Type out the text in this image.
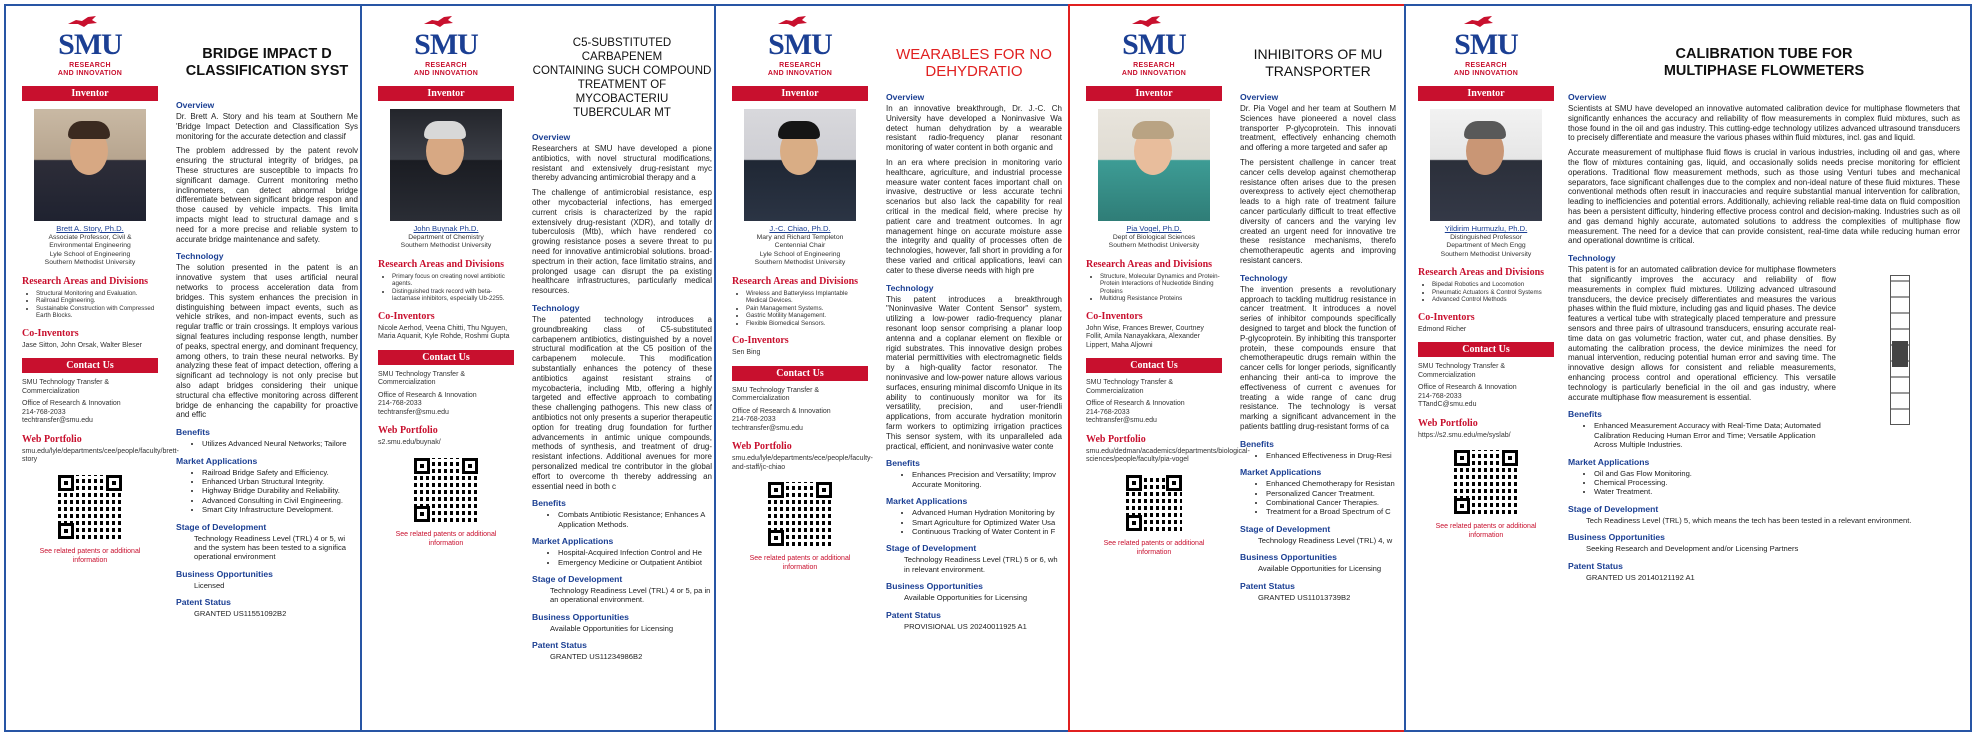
SMU
RESEARCH
AND INNOVATION
Inventor
Brett A. Story, Ph.D.
Associate Professor, Civil &
Environmental Engineering
Lyle School of Engineering
Southern Methodist University
Research Areas and Divisions
• Structural Monitoring and Evaluation.
• Railroad Engineering.
• Sustainable Construction with Compressed Earth Blocks.
Co-Inventors
Jase Sitton, John Orsak, Walter Bleser
Contact Us
SMU Technology Transfer & Commercialization
Office of Research & Innovation
214-768-2033
techtransfer@smu.edu
Web Portfolio
smu.edu/lyle/departments/cee/people/faculty/brett-story
See related patents or additional information
BRIDGE IMPACT D
CLASSIFICATION SYST
Overview
Dr. Brett A. Story and his team at Southern Me 'Bridge Impact Detection and Classification Sys monitoring for the accurate detection and classif
The problem addressed by the patent revolv ensuring the structural integrity of bridges, pa These structures are susceptible to impacts fro significant damage. Current monitoring metho inclinometers, can detect abnormal bridge differentiate between significant bridge respon and those caused by vehicle impacts. This limita impacts might lead to structural damage and s need for a more precise and reliable system to accurate bridge maintenance and safety.
Technology
The solution presented in the patent is an innovative system that uses artificial neural networks to process acceleration data from bridges. This system enhances the precision in distinguishing between impact events, such as vehicle strikes, and non-impact events, such as regular traffic or train crossings. It employs various signal features including response length, number of peaks, spectral energy, and dominant frequency, among others, to train these neural networks. By analyzing these feat of impact detection, offering a significant ad technology is not only precise but also adapt bridges considering their unique structural cha effective monitoring across different bridge de enhancing the capability for proactive and effic
Benefits
• Utilizes Advanced Neural Networks; Tailore
Market Applications
• Railroad Bridge Safety and Efficiency.
• Enhanced Urban Structural Integrity.
• Highway Bridge Durability and Reliability.
• Advanced Consulting in Civil Engineering.
• Smart City Infrastructure Development.
Stage of Development
Technology Readiness Level (TRL) 4 or 5, wi and the system has been tested to a significa operational environment
Business Opportunities
Licensed
Patent Status
GRANTED US11551092B2
SMU
RESEARCH
AND INNOVATION
Inventor
John Buynak Ph.D.
Department of Chemistry
Southern Methodist University
Research Areas and Divisions
• Primary focus on creating novel antibiotic agents.
• Distinguished track record with beta-lactamase inhibitors, especially Ub-2255.
Co-Inventors
Nicole Aerhod, Veena Chitti, Thu Nguyen, Maria Aquanit, Kyle Rohde, Roshmi Gupta
Contact Us
SMU Technology Transfer & Commercialization
Office of Research & Innovation
214-768-2033
techtransfer@smu.edu
Web Portfolio
s2.smu.edu/buynak/
See related patents or additional information
C5-SUBSTITUTED CARBAPENEM
CONTAINING SUCH COMPOUND
TREATMENT OF MYCOBACTERIU
TUBERCULAR MT
Overview
Researchers at SMU have developed a pione antibiotics, with novel structural modifications, resistant and extensively drug-resistant myc thereby advancing antimicrobial therapy and a
The challenge of antimicrobial resistance, esp other mycobacterial infections, has emerged current crisis is characterized by the rapid extensively drug-resistant (XDR), and totally dr tuberculosis (Mtb), which have rendered co growing resistance poses a severe threat to pu need for innovative antimicrobial solutions. broad-spectrum in their action, face limitatio strains, and prolonged usage can disrupt the pa existing healthcare infrastructures, particularly medical resources.
Technology
The patented technology introduces a groundbreaking class of C5-substituted carbapenem antibiotics, distinguished by a novel structural modification at the C5 position of the carbapenem molecule. This modification substantially enhances the potency of these antibiotics against resistant strains of mycobacteria, including Mtb, offering a highly targeted and effective approach to combating these challenging pathogens. This new class of antibiotics not only presents a superior therapeutic option for treating drug foundation for further advancements in antimic unique compounds, methods of synthesis, and treatment of drug-resistant infections. Additional avenues for more personalized medical tre contributor in the global effort to overcome th thereby addressing an essential need in both c
Benefits
• Combats Antibiotic Resistance; Enhances A Application Methods.
Market Applications
• Hospital-Acquired Infection Control and He
• Emergency Medicine or Outpatient Antibiot
Stage of Development
Technology Readiness Level (TRL) 4 or 5, pa in an operational environment.
Business Opportunities
Available Opportunities for Licensing
Patent Status
GRANTED US11234986B2
SMU
RESEARCH
AND INNOVATION
Inventor
J.-C. Chiao, Ph.D.
Mary and Richard Templeton
Centennial Chair
Lyle School of Engineering
Southern Methodist University
Research Areas and Divisions
• Wireless and Batteryless Implantable Medical Devices.
• Pain Management Systems.
• Gastric Motility Management.
• Flexible Biomedical Sensors.
Co-Inventors
Sen Bing
Contact Us
SMU Technology Transfer & Commercialization
Office of Research & Innovation
214-768-2033
techtransfer@smu.edu
Web Portfolio
smu.edu/lyle/departments/ece/people/faculty-and-staff/jc-chiao
See related patents or additional information
WEARABLES FOR NO
DEHYDRATIO
Overview
In an innovative breakthrough, Dr. J.-C. Ch University have developed a Noninvasive Wa detect human dehydration by a wearable resistant radio-frequency planar resonant monitoring of water content in both organic and
In an era where precision in monitoring vario healthcare, agriculture, and industrial processe measure water content faces important chall on invasive, destructive or less accurate techni scenarios but also lack the capability for real critical in the medical field, where precise hy patient care and treatment outcomes. In agr management hinge on accurate moisture asse the integrity and quality of processes often de technologies, however, fall short in providing a for these varied and critical applications, leavi can cater to these diverse needs with high pre
Technology
This patent introduces a breakthrough "Noninvasive Water Content Sensor" system, utilizing a low-power radio-frequency planar resonant loop sensor comprising a planar loop antenna and a coplanar element on flexible or rigid substrates. This innovative design probes material permittivities with electromagnetic fields by a high-quality factor resonator. The noninvasive and low-power nature allows various surfaces, ensuring minimal discomfo Unique in its ability to continuously monitor wa for its versatility, precision, and user-friendli applications, from accurate hydration monitorin farm workers to optimizing irrigation practices This sensor system, with its unparalleled ada practical, efficient, and noninvasive water conte
Benefits
• Enhances Precision and Versatility; Improv Accurate Monitoring.
Market Applications
• Advanced Human Hydration Monitoring by
• Smart Agriculture for Optimized Water Usa
• Continuous Tracking of Water Content in F
Stage of Development
Technology Readiness Level (TRL) 5 or 6, wh in relevant environment.
Business Opportunities
Available Opportunities for Licensing
Patent Status
PROVISIONAL US 20240011925 A1
SMU
RESEARCH
AND INNOVATION
Inventor
Pia Vogel, Ph.D.
Dept of Biological Sciences
Southern Methodist University
Research Areas and Divisions
• Structure, Molecular Dynamics and Protein-Protein Interactions of Nucleotide Binding Proteins
• Multidrug Resistance Proteins
Co-Inventors
John Wise, Frances Brewer, Courtney Follit, Amila Nanayakkara, Alexander Lippert, Maha Aljowni
Contact Us
SMU Technology Transfer & Commercialization
Office of Research & Innovation
214-768-2033
techtransfer@smu.edu
Web Portfolio
smu.edu/dedman/academics/departments/biological-sciences/people/faculty/pia-vogel
See related patents or additional information
INHIBITORS OF MU
TRANSPORTER
Overview
Dr. Pia Vogel and her team at Southern M Sciences have pioneered a novel class transporter P-glycoprotein. This innovati treatment, effectively enhancing chemoth and offering a more targeted and safer ap
The persistent challenge in cancer treat cancer cells develop against chemotherap resistance often arises due to the presen overexpress to actively eject chemotherap leads to a high rate of treatment failure cancer particularly difficult to treat effective diversity of cancers and the varying lev created an urgent need for innovative tre these resistance mechanisms, therefo chemotherapeutic agents and improving resistant cancers.
Technology
The invention presents a revolutionary approach to tackling multidrug resistance in cancer treatment. It introduces a novel series of inhibitor compounds specifically designed to target and block the function of P-glycoprotein. By inhibiting this transporter protein, these compounds ensure that chemotherapeutic drugs remain within the cancer cells for longer periods, significantly enhancing their anti-ca to improve the effectiveness of current c avenues for treating a wide range of canc drug resistance. The technology is versat marking a significant advancement in the patients battling drug-resistant forms of ca
Benefits
• Enhanced Effectiveness in Drug-Resi
Market Applications
• Enhanced Chemotherapy for Resistan
• Personalized Cancer Treatment.
• Combinational Cancer Therapies.
• Treatment for a Broad Spectrum of C
Stage of Development
Technology Readiness Level (TRL) 4, w
Business Opportunities
Available Opportunities for Licensing
Patent Status
GRANTED US11013739B2
SMU
RESEARCH
AND INNOVATION
Inventor
Yildirim Hurmuzlu, Ph.D.
Distinguished Professor
Department of Mech Engg
Southern Methodist University
Research Areas and Divisions
• Bipedal Robotics and Locomotion
• Pneumatic Actuators & Control Systems
• Advanced Control Methods
Co-Inventors
Edmond Richer
Contact Us
SMU Technology Transfer & Commercialization
Office of Research & Innovation
214-768-2033
TTandC@smu.edu
Web Portfolio
https://s2.smu.edu/me/syslab/
See related patents or additional information
CALIBRATION TUBE FOR
MULTIPHASE FLOWMETERS
Overview
Scientists at SMU have developed an innovative automated calibration device for multiphase flowmeters that significantly enhances the accuracy and reliability of flow measurements in complex fluid mixtures, such as those found in the oil and gas industry. This cutting-edge technology utilizes advanced ultrasound transducers to precisely differentiate and measure the various phases within fluid mixtures, incl. gas and liquid.
Accurate measurement of multiphase fluid flows is crucial in various industries, including oil and gas, where the flow of mixtures containing gas, liquid, and occasionally solids needs precise monitoring for efficient operations. Traditional flow measurement methods, such as those using Venturi tubes and mechanical separators, face significant challenges due to the complex and non-ideal nature of these fluid mixtures. These conventional methods often result in inaccuracies and require substantial manual intervention for calibration, leading to inefficiencies and potential errors. Additionally, achieving reliable real-time data on fluid composition has been a persistent difficulty, hindering effective process control and decision-making. Industries such as oil and gas demand highly accurate, automated solutions to address the complexities of multiphase flow measurement. The need for a device that can provide consistent, real-time data while reducing human error and operational downtime is critical.
Technology
This patent is for an automated calibration device for multiphase flowmeters that significantly improves the accuracy and reliability of flow measurements in complex fluid mixtures. Utilizing advanced ultrasound transducers, the device precisely differentiates and measures the various phases within the fluid mixture, including gas and liquid phases. The device features a vertical tube with strategically placed temperature and pressure sensors and three pairs of ultrasound transducers, ensuring accurate real-time data on gas volumetric fraction, water cut, and phase densities. By automating the calibration process, the device minimizes the need for manual intervention, reducing potential human error and saving time. The innovative design allows for consistent and reliable measurements, enhancing process control and operational efficiency. This versatile technology is particularly beneficial in the oil and gas industry, where accurate multiphase flow measurement is essential.
Benefits
• Enhanced Measurement Accuracy with Real-Time Data; Automated Calibration Reducing Human Error and Time; Versatile Application Across Multiple Industries.
Market Applications
• Oil and Gas Flow Monitoring.
• Chemical Processing.
• Water Treatment.
Stage of Development
Tech Readiness Level (TRL) 5, which means the tech has been tested in a relevant environment.
Business Opportunities
Seeking Research and Development and/or Licensing Partners
Patent Status
GRANTED US 20140121192 A1
